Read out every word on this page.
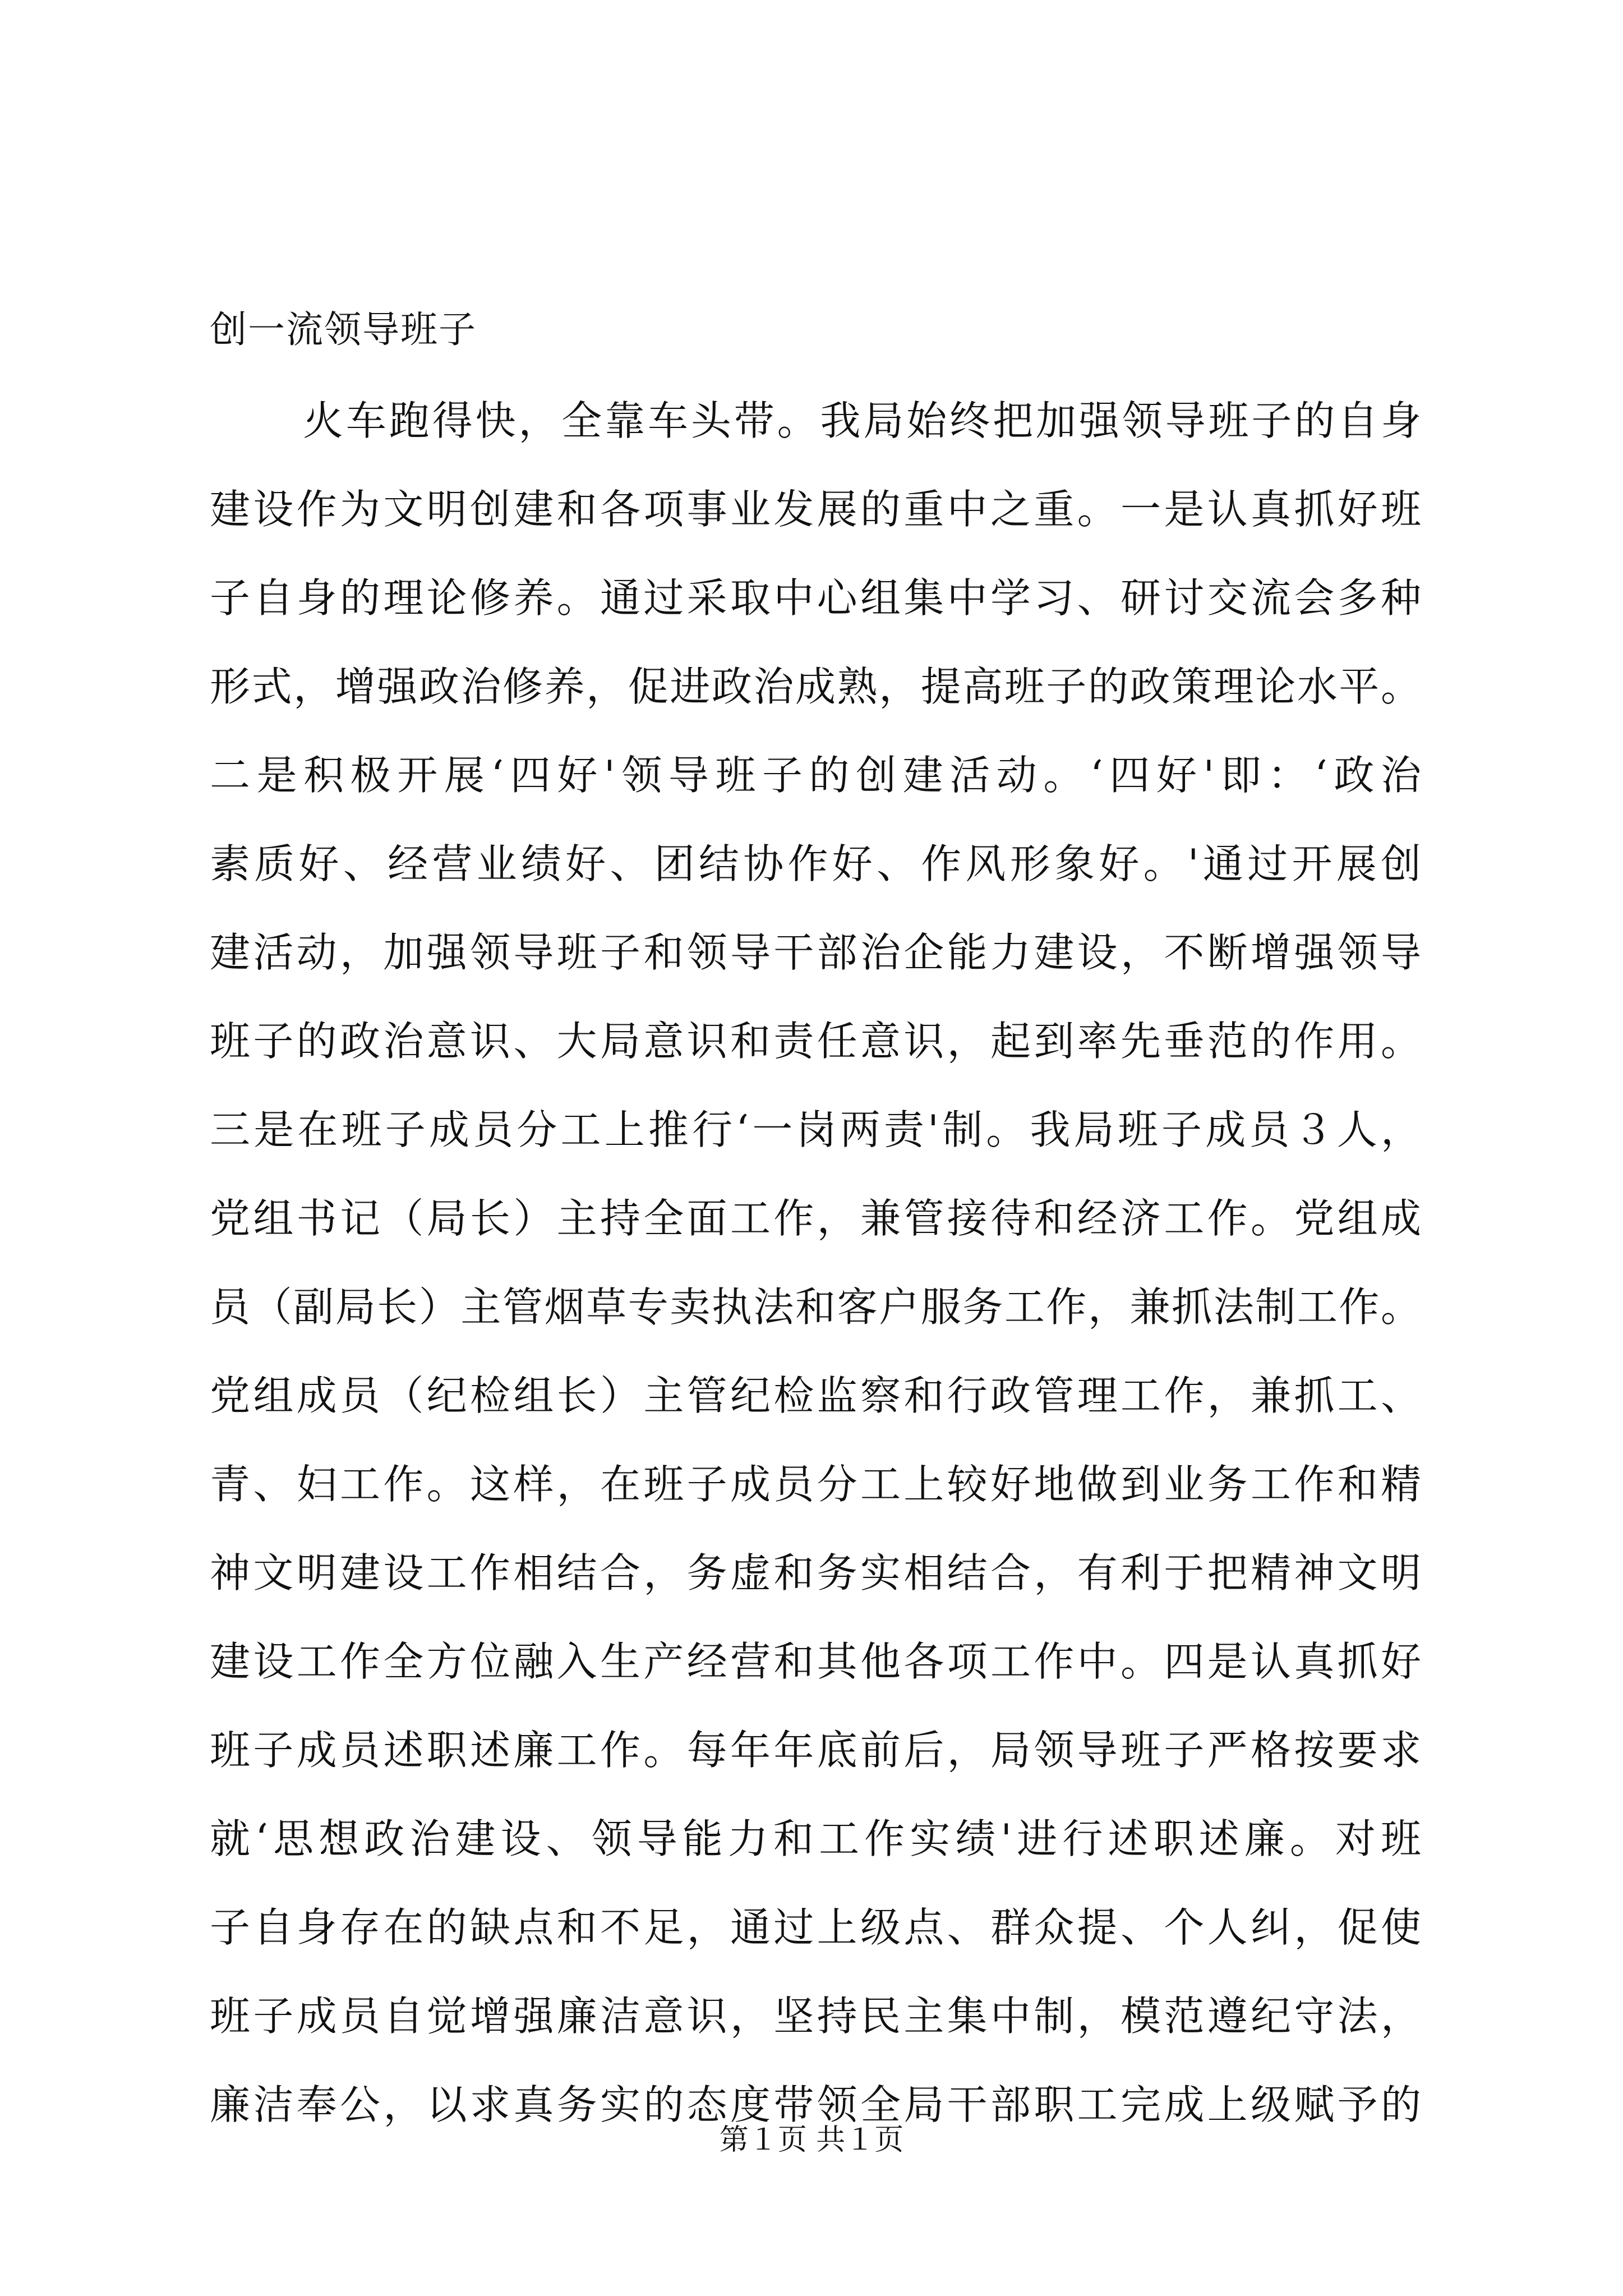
创一流领导班子
火车跑得快，全靠车头带。我局始终把加强领导班子的自身
建设作为文明创建和各项事业发展的重中之重。一是认真抓好班
子自身的理论修养。通过采取中心组集中学习、研讨交流会多种
形式，增强政治修养，促进政治成熟，提高班子的政策理论水平。
二是积极开展‘四好'领导班子的创建活动。‘四好'即：‘政治
素质好、经营业绩好、团结协作好、作风形象好。'通过开展创
建活动，加强领导班子和领导干部治企能力建设，不断增强领导
班子的政治意识、大局意识和责任意识，起到率先垂范的作用。
三是在班子成员分工上推行‘一岗两责'制。我局班子成员３人，
党组书记（局长）主持全面工作，兼管接待和经济工作。党组成
员（副局长）主管烟草专卖执法和客户服务工作，兼抓法制工作。
党组成员（纪检组长）主管纪检监察和行政管理工作，兼抓工、
青、妇工作。这样，在班子成员分工上较好地做到业务工作和精
神文明建设工作相结合，务虚和务实相结合，有利于把精神文明
建设工作全方位融入生产经营和其他各项工作中。四是认真抓好
班子成员述职述廉工作。每年年底前后，局领导班子严格按要求
就‘思想政治建设、领导能力和工作实绩'进行述职述廉。对班
子自身存在的缺点和不足，通过上级点、群众提、个人纠，促使
班子成员自觉增强廉洁意识，坚持民主集中制，模范遵纪守法，
廉洁奉公，以求真务实的态度带领全局干部职工完成上级赋予的
第１页 共１页
